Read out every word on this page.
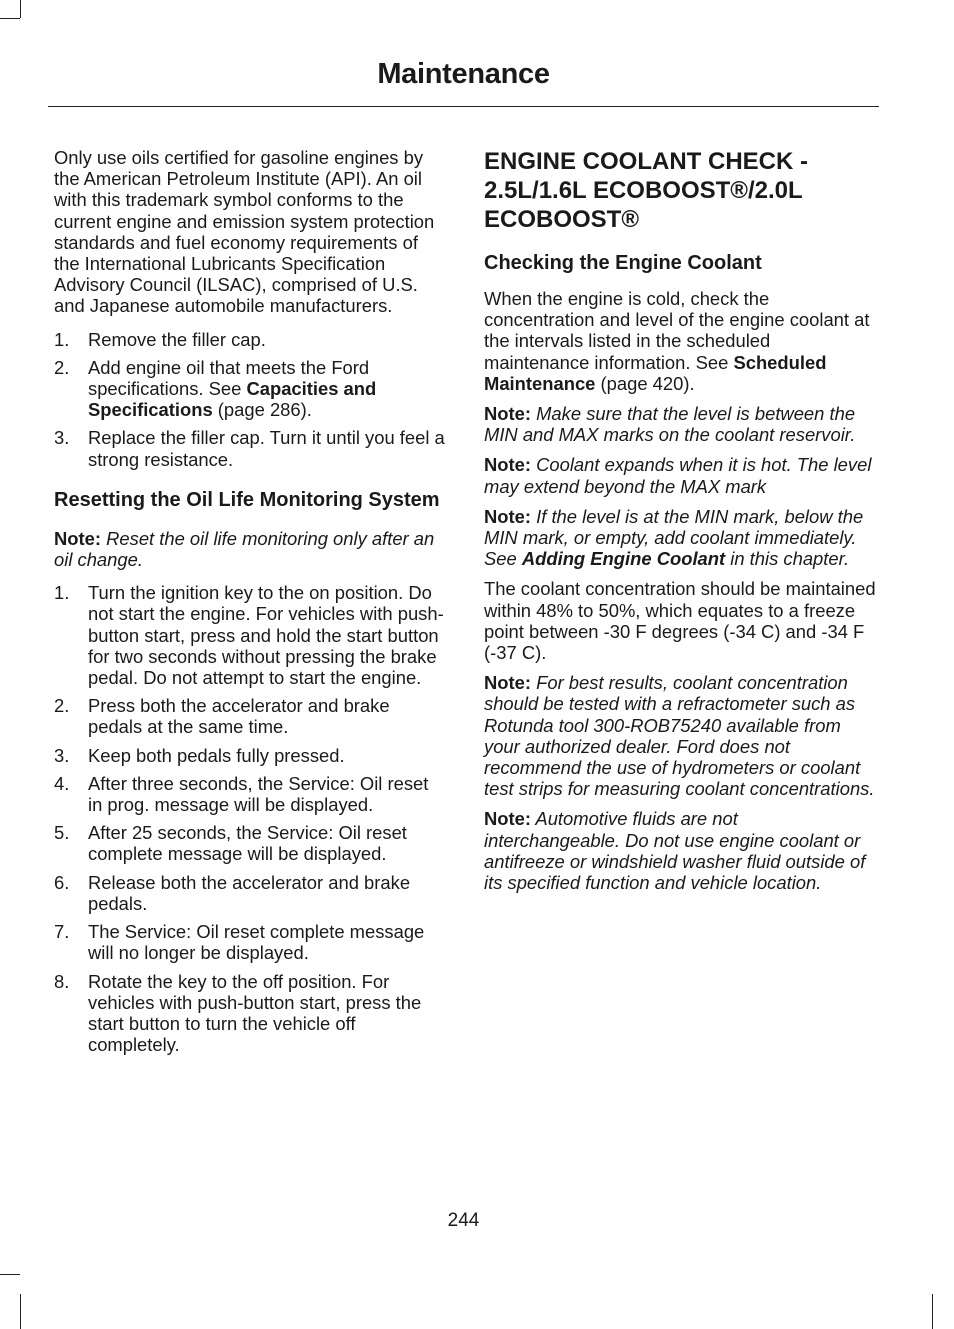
Maintenance

Only use oils certified for gasoline engines by the American Petroleum Institute (API). An oil with this trademark symbol conforms to the current engine and emission system protection standards and fuel economy requirements of the International Lubricants Specification Advisory Council (ILSAC), comprised of U.S. and Japanese automobile manufacturers.

1.	Remove the filler cap.
2.	Add engine oil that meets the Ford specifications. See Capacities and Specifications (page 286).
3.	Replace the filler cap. Turn it until you feel a strong resistance.
Resetting the Oil Life Monitoring System

Note: Reset the oil life monitoring only after an oil change.

1.	Turn the ignition key to the on position. Do not start the engine. For vehicles with push-button start, press and hold the start button for two seconds without pressing the brake pedal. Do not attempt to start the engine.
2.	Press both the accelerator and brake pedals at the same time.
3.	Keep both pedals fully pressed.
4.	After three seconds, the Service: Oil reset in prog. message will be displayed.
5.	After 25 seconds, the Service: Oil reset complete message will be displayed.
6.	Release both the accelerator and brake pedals.
7.	The Service: Oil reset complete message will no longer be displayed.
8.	Rotate the key to the off position. For vehicles with push-button start, press the start button to turn the vehicle off completely.
ENGINE COOLANT CHECK - 2.5L/1.6L ECOBOOST®/2.0L ECOBOOST®
Checking the Engine Coolant

When the engine is cold, check the concentration and level of the engine coolant at the intervals listed in the scheduled maintenance information. See Scheduled Maintenance (page 420).

Note: Make sure that the level is between the MIN and MAX marks on the coolant reservoir.

Note: Coolant expands when it is hot. The level may extend beyond the MAX mark

Note: If the level is at the MIN mark, below the MIN mark, or empty, add coolant immediately. See Adding Engine Coolant in this chapter.

The coolant concentration should be maintained within 48% to 50%, which equates to a freeze point between -30 F degrees (-34 C) and -34 F (-37 C).

Note: For best results, coolant concentration should be tested with a refractometer such as Rotunda tool 300-ROB75240 available from your authorized dealer. Ford does not recommend the use of hydrometers or coolant test strips for measuring coolant concentrations.

Note: Automotive fluids are not interchangeable. Do not use engine coolant or antifreeze or windshield washer fluid outside of its specified function and vehicle location.

244
